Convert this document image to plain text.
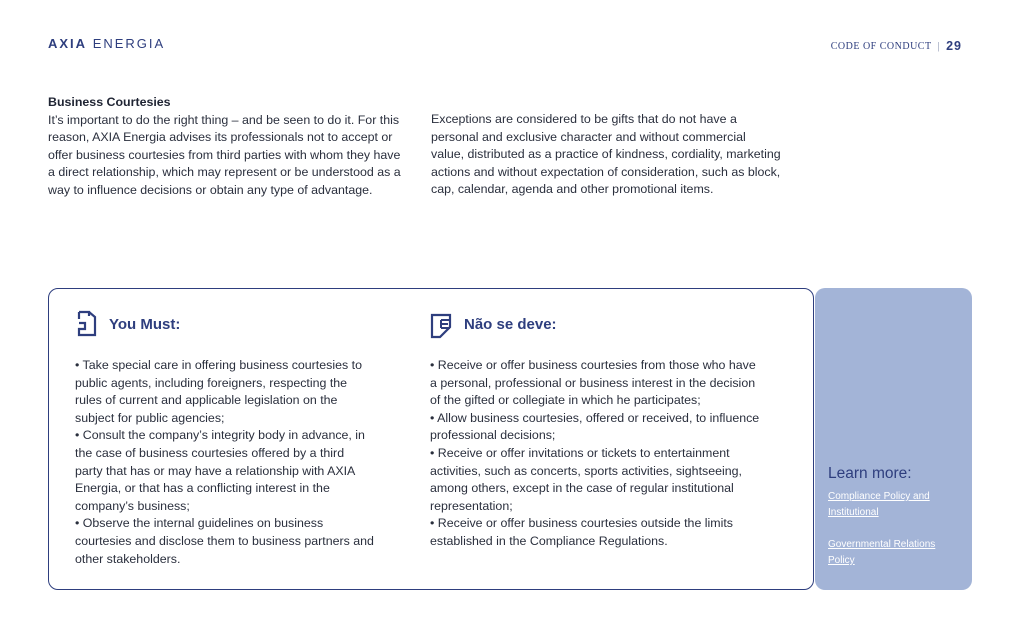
AXIA ENERGIA	CODE OF CONDUCT | 29
Business Courtesies

It’s important to do the right thing – and be seen to do it. For this reason, AXIA Energia advises its professionals not to accept or offer business courtesies from third parties with whom they have a direct relationship, which may represent or be understood as a way to influence decisions or obtain any type of advantage.

Exceptions are considered to be gifts that do not have a personal and exclusive character and without commercial value, distributed as a practice of kindness, cordiality, marketing actions and without expectation of consideration, such as block, cap, calendar, agenda and other promotional items.

You Must:
• Take special care in offering business courtesies to public agents, including foreigners, respecting the rules of current and applicable legislation on the subject for public agencies;
• Consult the company’s integrity body in advance, in the case of business courtesies offered by a third party that has or may have a relationship with AXIA Energia, or that has a conflicting interest in the company’s business;
• Observe the internal guidelines on business courtesies and disclose them to business partners and other stakeholders.
Não se deve:
• Receive or offer business courtesies from those who have a personal, professional or business interest in the decision of the gifted or collegiate in which he participates;
• Allow business courtesies, offered or received, to influence professional decisions;
• Receive or offer invitations or tickets to entertainment activities, such as concerts, sports activities, sightseeing, among others, except in the case of regular institutional representation;
• Receive or offer business courtesies outside the limits established in the Compliance Regulations.
Learn more:
Compliance Policy and Institutional
Governmental Relations Policy
